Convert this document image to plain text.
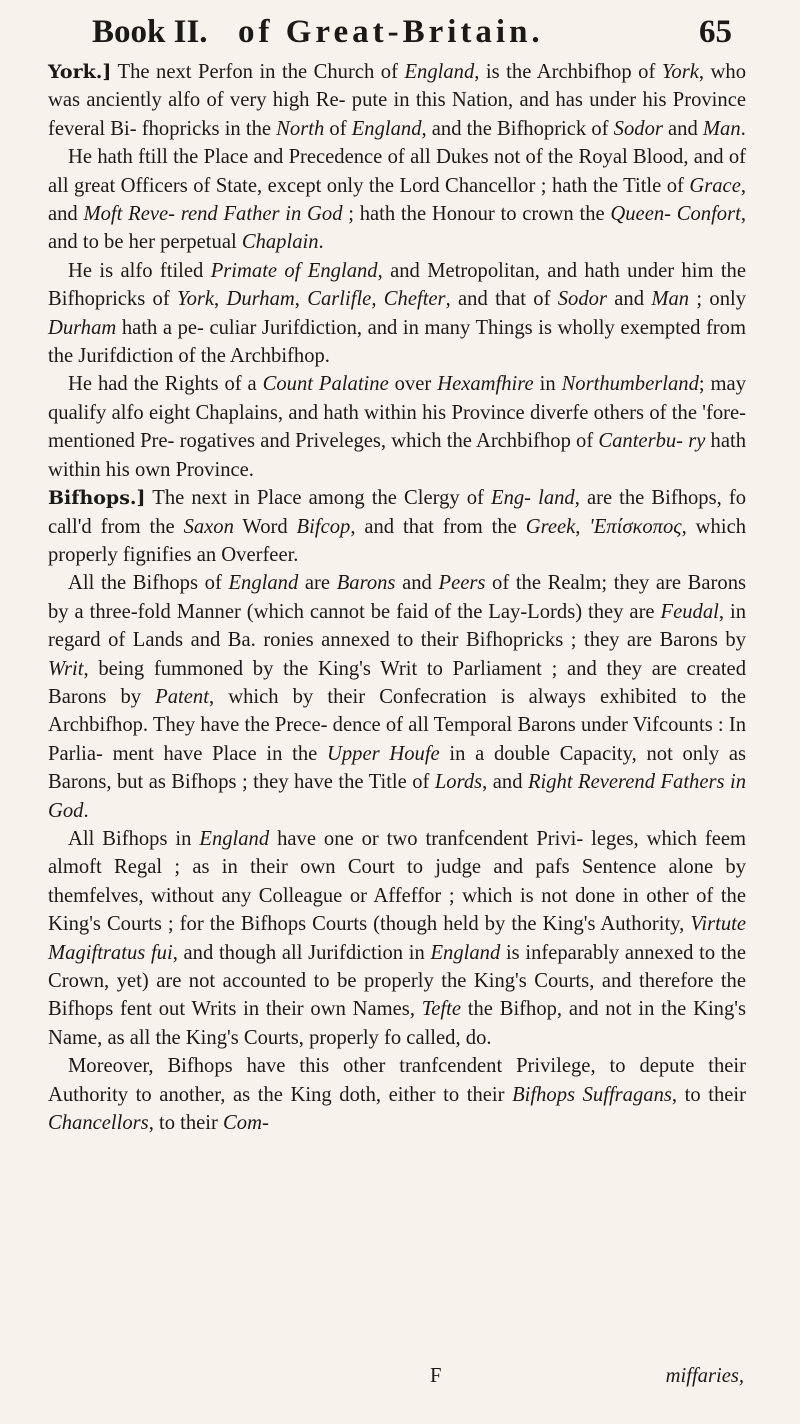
Book II. of Great-Britain.	65

York.] The next Perfon in the Church of England, is the Archbifhop of York, who was anciently alfo of very high Re- pute in this Nation, and has under his Province feveral Bi- fhopricks in the North of England, and the Bifhoprick of Sodor and Man.

He hath ftill the Place and Precedence of all Dukes not of the Royal Blood, and of all great Officers of State, except only the Lord Chancellor ; hath the Title of Grace, and Moft Reve- rend Father in God ; hath the Honour to crown the Queen- Confort, and to be her perpetual Chaplain.

He is alfo ftiled Primate of England, and Metropolitan, and hath under him the Bifhopricks of York, Durham, Carlifle, Chefter, and that of Sodor and Man ; only Durham hath a pe- culiar Jurifdiction, and in many Things is wholly exempted from the Jurifdiction of the Archbifhop.

He had the Rights of a Count Palatine over Hexamfhire in Northumberland; may qualify alfo eight Chaplains, and hath within his Province diverfe others of the 'fore-mentioned Pre- rogatives and Priveleges, which the Archbifhop of Canterbu- ry hath within his own Province.

Bifhops.] The next in Place among the Clergy of Eng- land, are the Bifhops, fo call'd from the Saxon Word Bifcop, and that from the Greek, 'Επίσκοπος, which properly fignifies an Overfeer.

All the Bifhops of England are Barons and Peers of the Realm; they are Barons by a three-fold Manner (which cannot be faid of the Lay-Lords) they are Feudal, in regard of Lands and Ba. ronies annexed to their Bifhopricks ; they are Barons by Writ, being fummoned by the King's Writ to Parliament ; and they are created Barons by Patent, which by their Confecration is always exhibited to the Archbifhop. They have the Prece- dence of all Temporal Barons under Vifcounts : In Parlia- ment have Place in the Upper Houfe in a double Capacity, not only as Barons, but as Bifhops ; they have the Title of Lords, and Right Reverend Fathers in God.

All Bifhops in England have one or two tranfcendent Privi- leges, which feem almoft Regal ; as in their own Court to judge and pafs Sentence alone by themfelves, without any Colleague or Affeffor ; which is not done in other of the King's Courts ; for the Bifhops Courts (though held by the King's Authority, Virtute Magiftratus fui, and though all Jurifdiction in England is infeparably annexed to the Crown, yet) are not accounted to be properly the King's Courts, and therefore the Bifhops fent out Writs in their own Names, Tefte the Bifhop, and not in the King's Name, as all the King's Courts, properly fo called, do.

Moreover, Bifhops have this other tranfcendent Privilege, to depute their Authority to another, as the King doth, either to their Bifhops Suffragans, to their Chancellors, to their Com-

F	miffaries,
